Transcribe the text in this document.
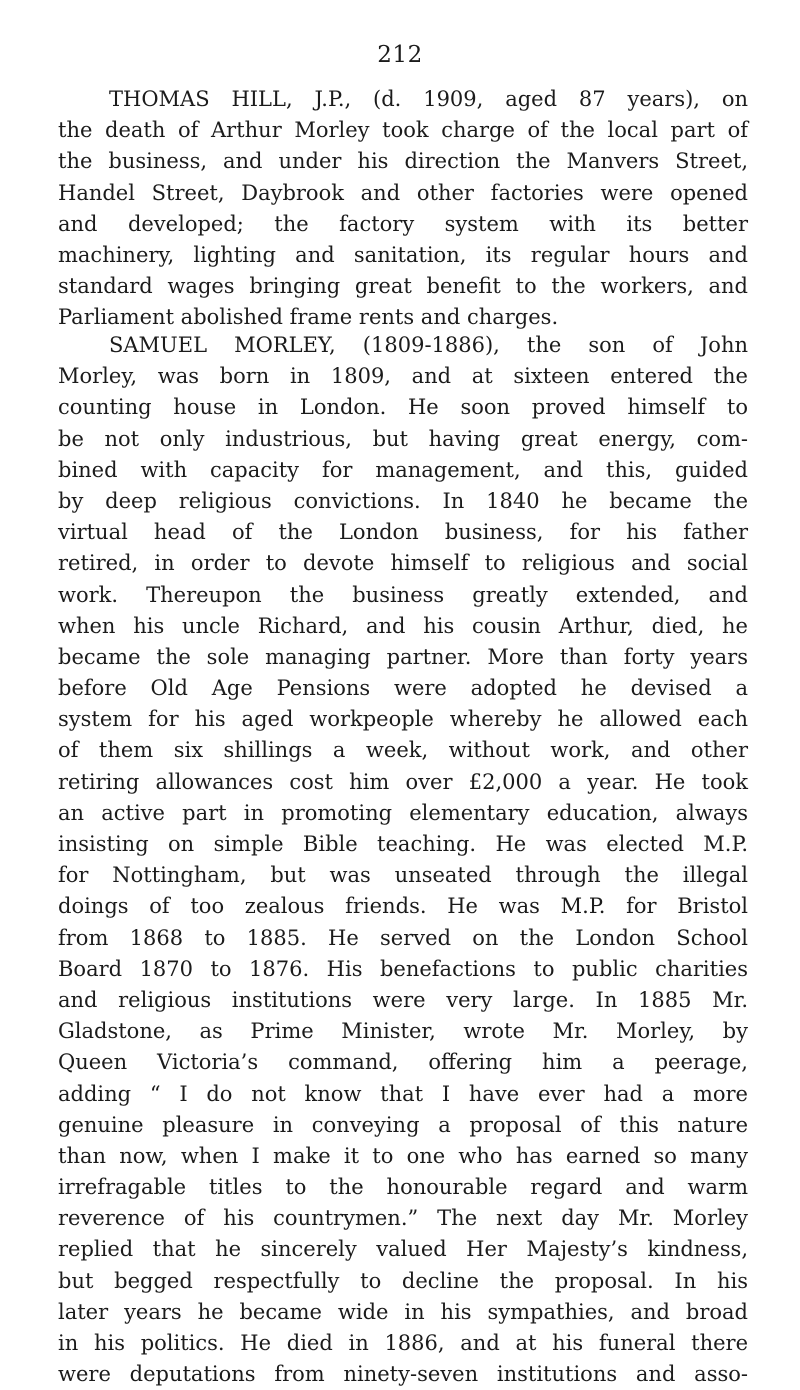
212
THOMAS HILL, J.P., (d. 1909, aged 87 years), on
the death of Arthur Morley took charge of the local part of
the business, and under his direction the Manvers Street,
Handel Street, Daybrook and other factories were opened
and developed; the factory system with its better
machinery, lighting and sanitation, its regular hours and
standard wages bringing great benefit to the workers, and
Parliament abolished frame rents and charges.
SAMUEL MORLEY, (1809-1886), the son of John
Morley, was born in 1809, and at sixteen entered the
counting house in London. He soon proved himself to
be not only industrious, but having great energy, com-
bined with capacity for management, and this, guided
by deep religious convictions. In 1840 he became the
virtual head of the London business, for his father
retired, in order to devote himself to religious and social
work. Thereupon the business greatly extended, and
when his uncle Richard, and his cousin Arthur, died, he
became the sole managing partner. More than forty years
before Old Age Pensions were adopted he devised a
system for his aged workpeople whereby he allowed each
of them six shillings a week, without work, and other
retiring allowances cost him over £2,000 a year. He took
an active part in promoting elementary education, always
insisting on simple Bible teaching. He was elected M.P.
for Nottingham, but was unseated through the illegal
doings of too zealous friends. He was M.P. for Bristol
from 1868 to 1885. He served on the London School
Board 1870 to 1876. His benefactions to public charities
and religious institutions were very large. In 1885 Mr.
Gladstone, as Prime Minister, wrote Mr. Morley, by
Queen Victoria’s command, offering him a peerage,
adding “ I do not know that I have ever had a more
genuine pleasure in conveying a proposal of this nature
than now, when I make it to one who has earned so many
irrefragable titles to the honourable regard and warm
reverence of his countrymen.” The next day Mr. Morley
replied that he sincerely valued Her Majesty’s kindness,
but begged respectfully to decline the proposal. In his
later years he became wide in his sympathies, and broad
in his politics. He died in 1886, and at his funeral there
were deputations from ninety-seven institutions and asso-
